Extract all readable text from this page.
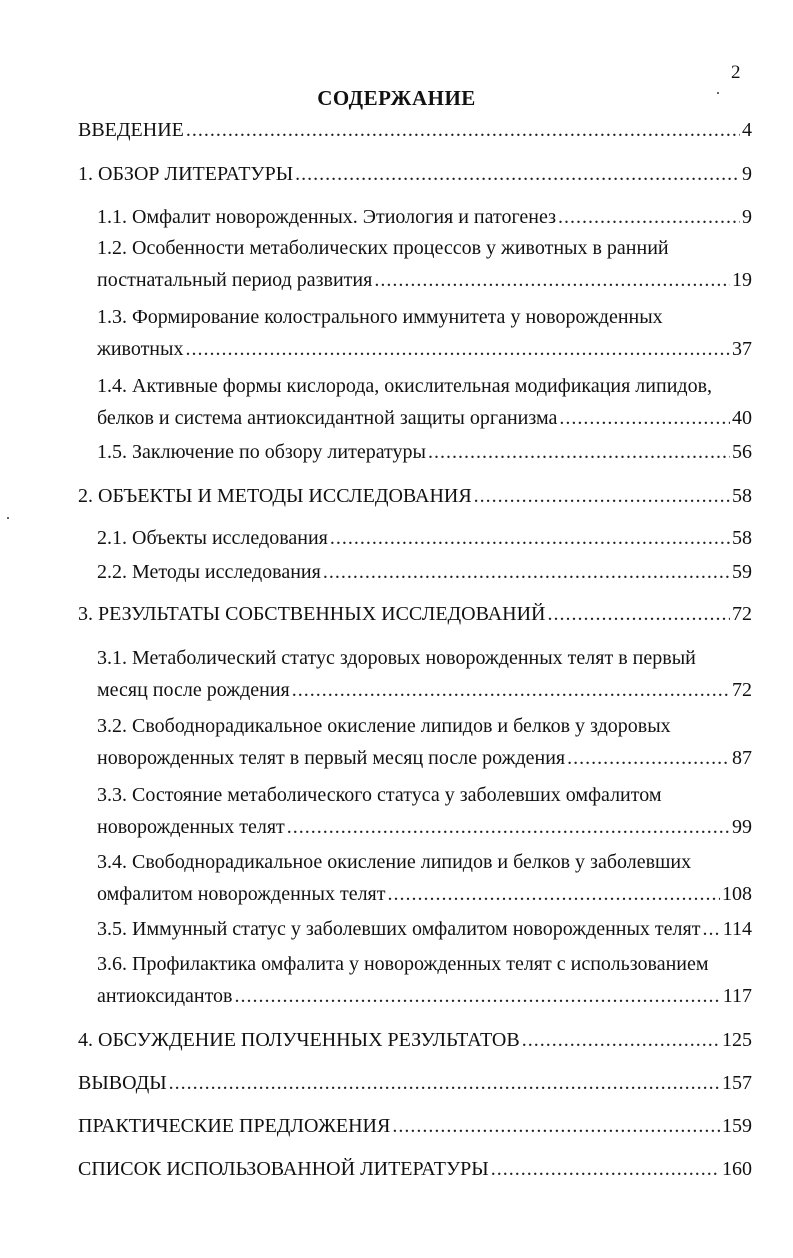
2
СОДЕРЖАНИЕ
ВВЕДЕНИЕ .....	4
1. ОБЗОР ЛИТЕРАТУРЫ .....	9
1.1. Омфалит новорожденных. Этиология и патогенез .....	9
1.2. Особенности метаболических процессов у животных в ранний
постнатальный период развития .....	19
1.3. Формирование колострального иммунитета у новорожденных
животных .....	37
1.4. Активные формы кислорода, окислительная модификация липидов,
белков и система антиоксидантной защиты организма .....	40
1.5. Заключение по обзору литературы .....	56
2. ОБЪЕКТЫ И МЕТОДЫ ИССЛЕДОВАНИЯ .....	58
2.1. Объекты исследования .....	58
2.2. Методы исследования .....	59
3. РЕЗУЛЬТАТЫ СОБСТВЕННЫХ ИССЛЕДОВАНИЙ .....	72
3.1. Метаболический статус здоровых новорожденных телят в первый
месяц после рождения .....	72
3.2. Свободнорадикальное окисление липидов и белков у здоровых
новорожденных телят в первый месяц после рождения .....	87
3.3. Состояние метаболического статуса у заболевших омфалитом
новорожденных телят .....	99
3.4. Свободнорадикальное окисление липидов и белков у заболевших
омфалитом новорожденных телят .....	108
3.5. Иммунный статус у заболевших омфалитом новорожденных телят ..... 114
3.6. Профилактика омфалита у новорожденных телят с использованием
антиоксидантов .....	117
4. ОБСУЖДЕНИЕ ПОЛУЧЕННЫХ РЕЗУЛЬТАТОВ .....	125
ВЫВОДЫ .....	157
ПРАКТИЧЕСКИЕ ПРЕДЛОЖЕНИЯ .....	159
СПИСОК ИСПОЛЬЗОВАННОЙ ЛИТЕРАТУРЫ .....	160
